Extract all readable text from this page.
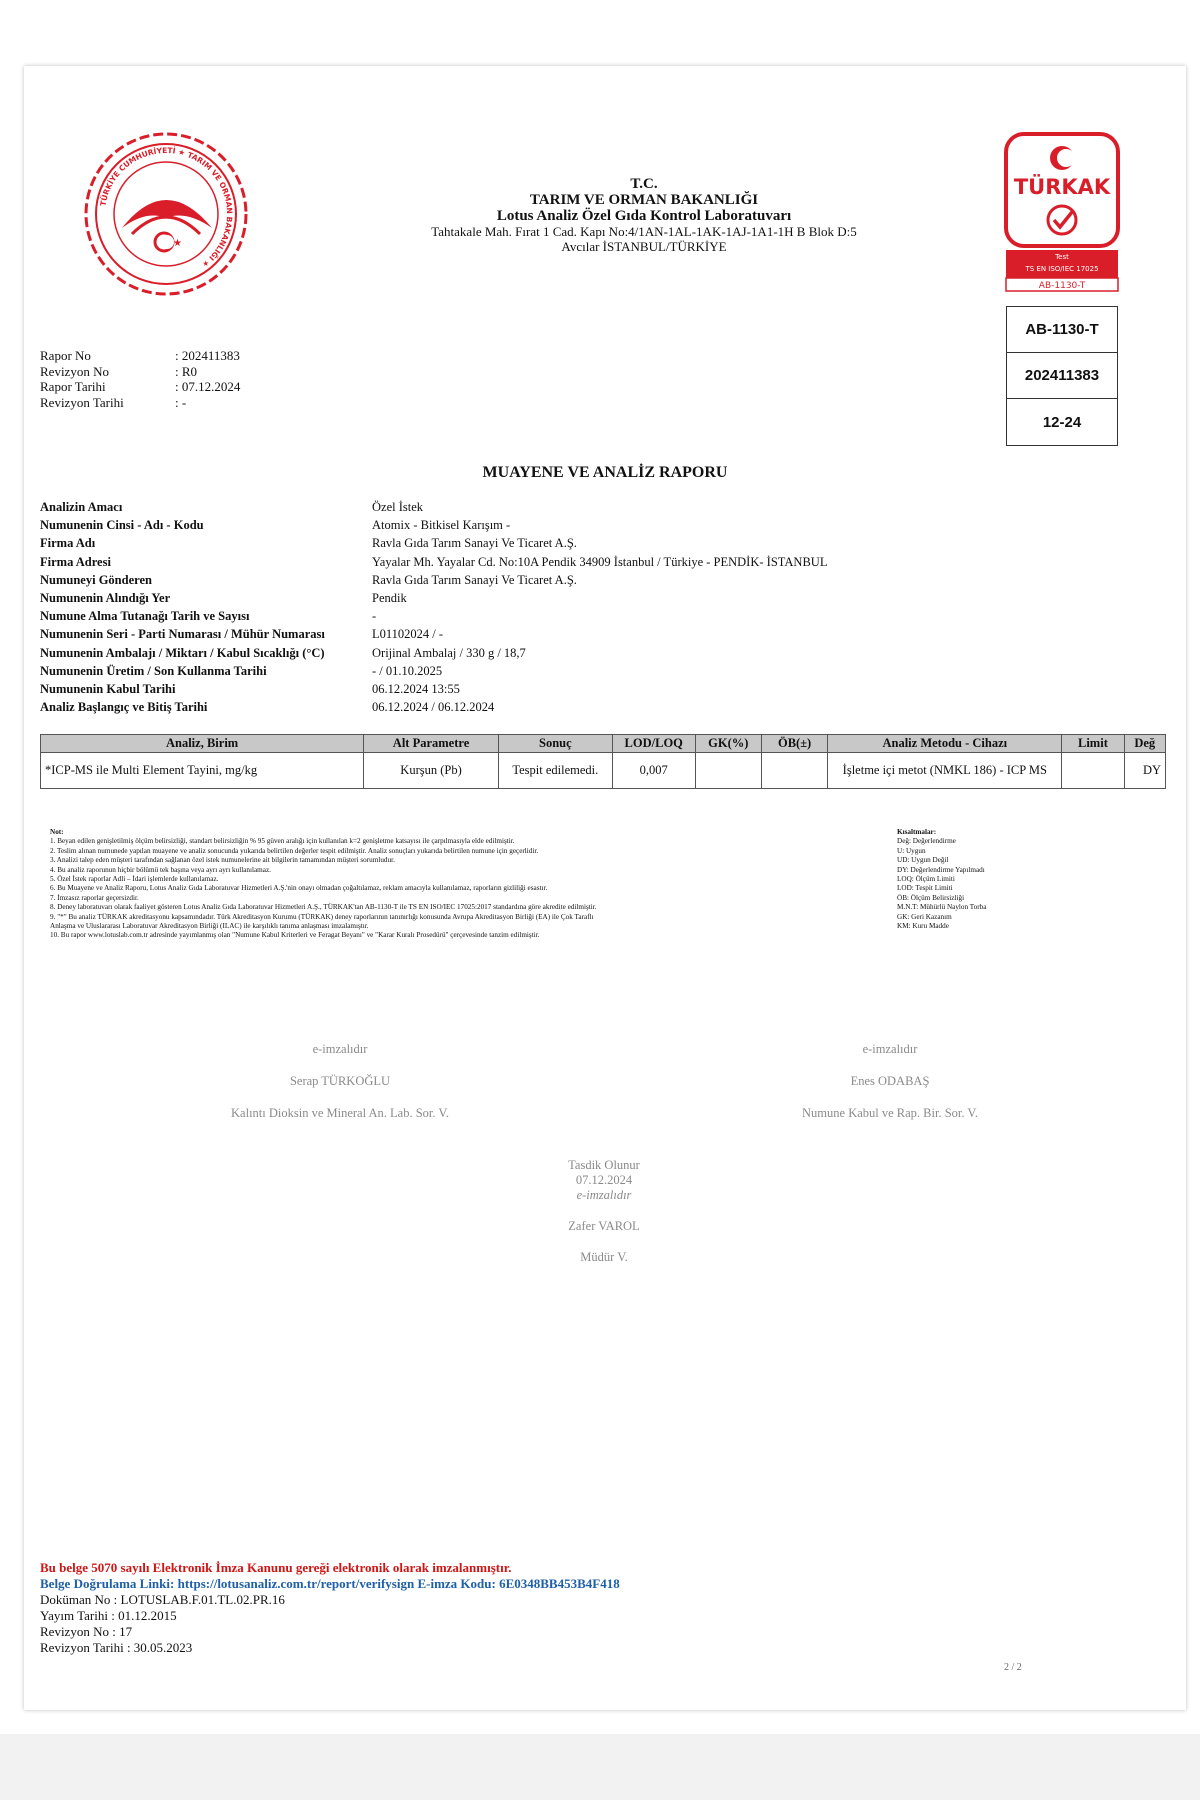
TÜRKİYE CUMHURİYETİ ★ TARIM VE ORMAN BAKANLIĞI ★
★
T.C.
TARIM VE ORMAN BAKANLIĞI
Lotus Analiz Özel Gıda Kontrol Laboratuvarı
Tahtakale Mah. Fırat 1 Cad. Kapı No:4/1AN-1AL-1AK-1AJ-1A1-1H B Blok D:5
Avcılar İSTANBUL/TÜRKİYE
TÜRKAK
Test
TS EN ISO/IEC 17025
AB-1130-T
AB-1130-T
202411383
12-24
Rapor No	: 202411383
Revizyon No	: R0
Rapor Tarihi	: 07.12.2024
Revizyon Tarihi	: -
MUAYENE VE ANALİZ RAPORU
Analizin Amacı	Özel İstek
Numunenin Cinsi - Adı - Kodu	Atomix - Bitkisel Karışım -
Firma Adı	Ravla Gıda Tarım Sanayi Ve Ticaret A.Ş.
Firma Adresi	Yayalar Mh. Yayalar Cd. No:10A Pendik 34909 İstanbul / Türkiye - PENDİK- İSTANBUL
Numuneyi Gönderen	Ravla Gıda Tarım Sanayi Ve Ticaret A.Ş.
Numunenin Alındığı Yer	Pendik
Numune Alma Tutanağı Tarih ve Sayısı	-
Numunenin Seri - Parti Numarası / Mühür Numarası	L01102024 / -
Numunenin Ambalajı / Miktarı / Kabul Sıcaklığı (°C)	Orijinal Ambalaj / 330 g / 18,7
Numunenin Üretim / Son Kullanma Tarihi	- / 01.10.2025
Numunenin Kabul Tarihi	06.12.2024 13:55
Analiz Başlangıç ve Bitiş Tarihi	06.12.2024 / 06.12.2024
Analiz, Birim	Alt Parametre	Sonuç	LOD/LOQ	GK(%)	ÖB(±)	Analiz Metodu - Cihazı	Limit	Değ
*ICP-MS ile Multi Element Tayini, mg/kg	Kurşun (Pb)	Tespit edilemedi.	0,007			İşletme içi metot (NMKL 186) - ICP MS		DY
Not:
1. Beyan edilen genişletilmiş ölçüm belirsizliği, standart belirsizliğin % 95 güven aralığı için kullanılan k=2 genişletme katsayısı ile çarpılmasıyla elde edilmiştir.
2. Teslim alınan numunede yapılan muayene ve analiz sonucunda yukarıda belirtilen değerler tespit edilmiştir. Analiz sonuçları yukarıda belirtilen numune için geçerlidir.
3. Analizi talep eden müşteri tarafından sağlanan özel istek numunelerine ait bilgilerin tamamından müşteri sorumludur.
4. Bu analiz raporunun hiçbir bölümü tek başına veya ayrı ayrı kullanılamaz.
5. Özel İstek raporlar Adli – İdari işlemlerde kullanılamaz.
6. Bu Muayene ve Analiz Raporu, Lotus Analiz Gıda Laboratuvar Hizmetleri A.Ş.'nin onayı olmadan çoğaltılamaz, reklam amacıyla kullanılamaz, raporların gizliliği esastır.
7. İmzasız raporlar geçersizdir.
8. Deney laboratuvarı olarak faaliyet gösteren Lotus Analiz Gıda Laboratuvar Hizmetleri A.Ş., TÜRKAK'tan AB-1130-T ile TS EN ISO/IEC 17025:2017 standardına göre akredite edilmiştir.
9. "*" Bu analiz TÜRKAK akreditasyonu kapsamındadır. Türk Akreditasyon Kurumu (TÜRKAK) deney raporlarının tanınırlığı konusunda Avrupa Akreditasyon Birliği (EA) ile Çok Taraflı
Anlaşma ve Uluslararası Laboratuvar Akreditasyon Birliği (ILAC) ile karşılıklı tanıma anlaşması imzalamıştır.
10. Bu rapor www.lotuslab.com.tr adresinde yayımlanmış olan "Numune Kabul Kriterleri ve Feragat Beyanı" ve "Karar Kuralı Prosedürü" çerçevesinde tanzim edilmiştir.
Kısaltmalar:
Değ: Değerlendirme
U: Uygun
UD: Uygun Değil
DY: Değerlendirme Yapılmadı
LOQ: Ölçüm Limiti
LOD: Tespit Limiti
ÖB: Ölçüm Belirsizliği
M.N.T: Mühürlü Naylon Torba
GK: Geri Kazanım
KM: Kuru Madde
e-imzalıdır
Serap TÜRKOĞLU
Kalıntı Dioksin ve Mineral An. Lab. Sor. V.
e-imzalıdır
Enes ODABAŞ
Numune Kabul ve Rap. Bir. Sor. V.
Tasdik Olunur
07.12.2024
e-imzalıdır
Zafer VAROL
Müdür V.
Bu belge 5070 sayılı Elektronik İmza Kanunu gereği elektronik olarak imzalanmıştır.
Belge Doğrulama Linki: https://lotusanaliz.com.tr/report/verifysign E-imza Kodu: 6E0348BB453B4F418
Doküman No : LOTUSLAB.F.01.TL.02.PR.16
Yayım Tarihi : 01.12.2015
Revizyon No : 17
Revizyon Tarihi : 30.05.2023
2 / 2
